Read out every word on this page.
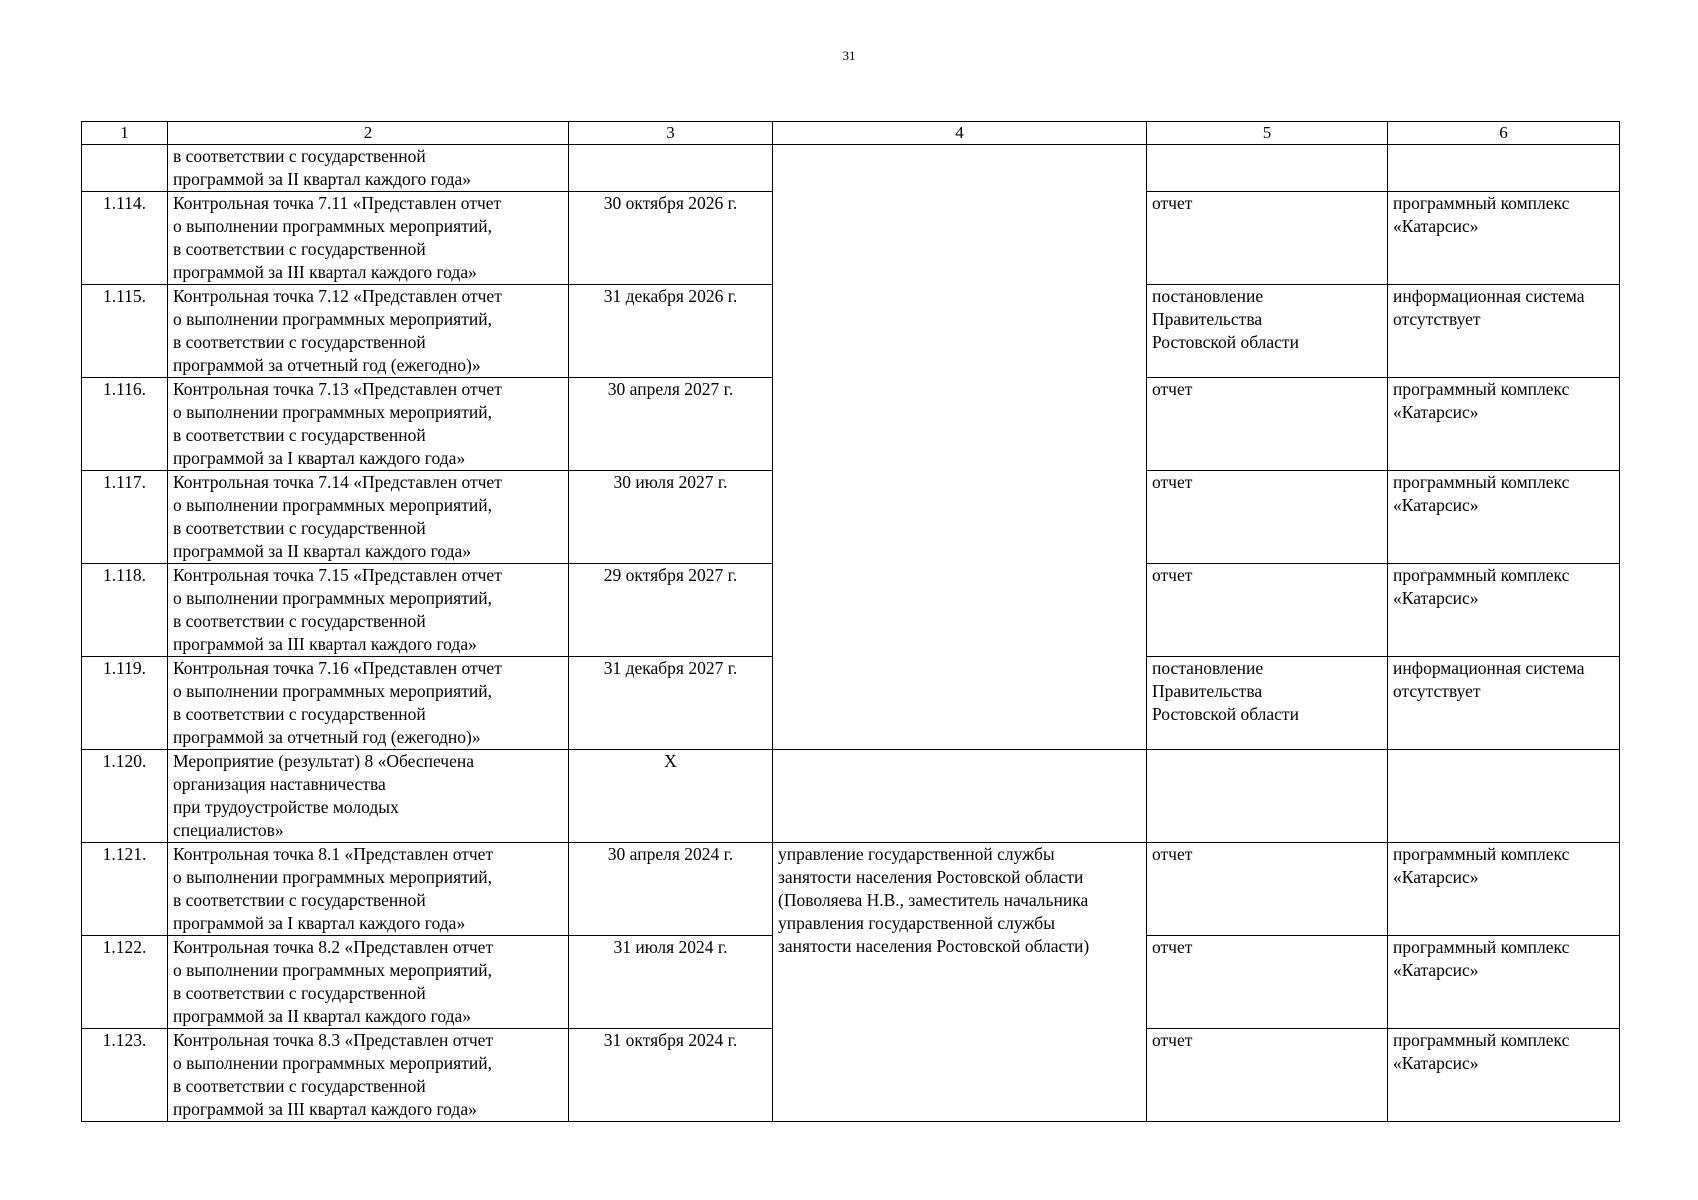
31
1	2	3	4	5	6
	в соответствии с государственной
программой за II квартал каждого года»				
1.114.	Контрольная точка 7.11 «Представлен отчет
о выполнении программных мероприятий,
в соответствии с государственной
программой за III квартал каждого года»	30 октября 2026 г.		отчет	программный комплекс
«Катарсис»
1.115.	Контрольная точка 7.12 «Представлен отчет
о выполнении программных мероприятий,
в соответствии с государственной
программой за отчетный год (ежегодно)»	31 декабря 2026 г.		постановление
Правительства
Ростовской области	информационная система
отсутствует
1.116.	Контрольная точка 7.13 «Представлен отчет
о выполнении программных мероприятий,
в соответствии с государственной
программой за I квартал каждого года»	30 апреля 2027 г.		отчет	программный комплекс
«Катарсис»
1.117.	Контрольная точка 7.14 «Представлен отчет
о выполнении программных мероприятий,
в соответствии с государственной
программой за II квартал каждого года»	30 июля 2027 г.		отчет	программный комплекс
«Катарсис»
1.118.	Контрольная точка 7.15 «Представлен отчет
о выполнении программных мероприятий,
в соответствии с государственной
программой за III квартал каждого года»	29 октября 2027 г.		отчет	программный комплекс
«Катарсис»
1.119.	Контрольная точка 7.16 «Представлен отчет
о выполнении программных мероприятий,
в соответствии с государственной
программой за отчетный год (ежегодно)»	31 декабря 2027 г.		постановление
Правительства
Ростовской области	информационная система
отсутствует
1.120.	Мероприятие (результат) 8 «Обеспечена
организация наставничества
при трудоустройстве молодых
специалистов»	X			
1.121.	Контрольная точка 8.1 «Представлен отчет
о выполнении программных мероприятий,
в соответствии с государственной
программой за I квартал каждого года»	30 апреля 2024 г.	управление государственной службы
занятости населения Ростовской области
(Поволяева Н.В., заместитель начальника
управления государственной службы
занятости населения Ростовской области)	отчет	программный комплекс
«Катарсис»
1.122.	Контрольная точка 8.2 «Представлен отчет
о выполнении программных мероприятий,
в соответствии с государственной
программой за II квартал каждого года»	31 июля 2024 г.		отчет	программный комплекс
«Катарсис»
1.123.	Контрольная точка 8.3 «Представлен отчет
о выполнении программных мероприятий,
в соответствии с государственной
программой за III квартал каждого года»	31 октября 2024 г.		отчет	программный комплекс
«Катарсис»
